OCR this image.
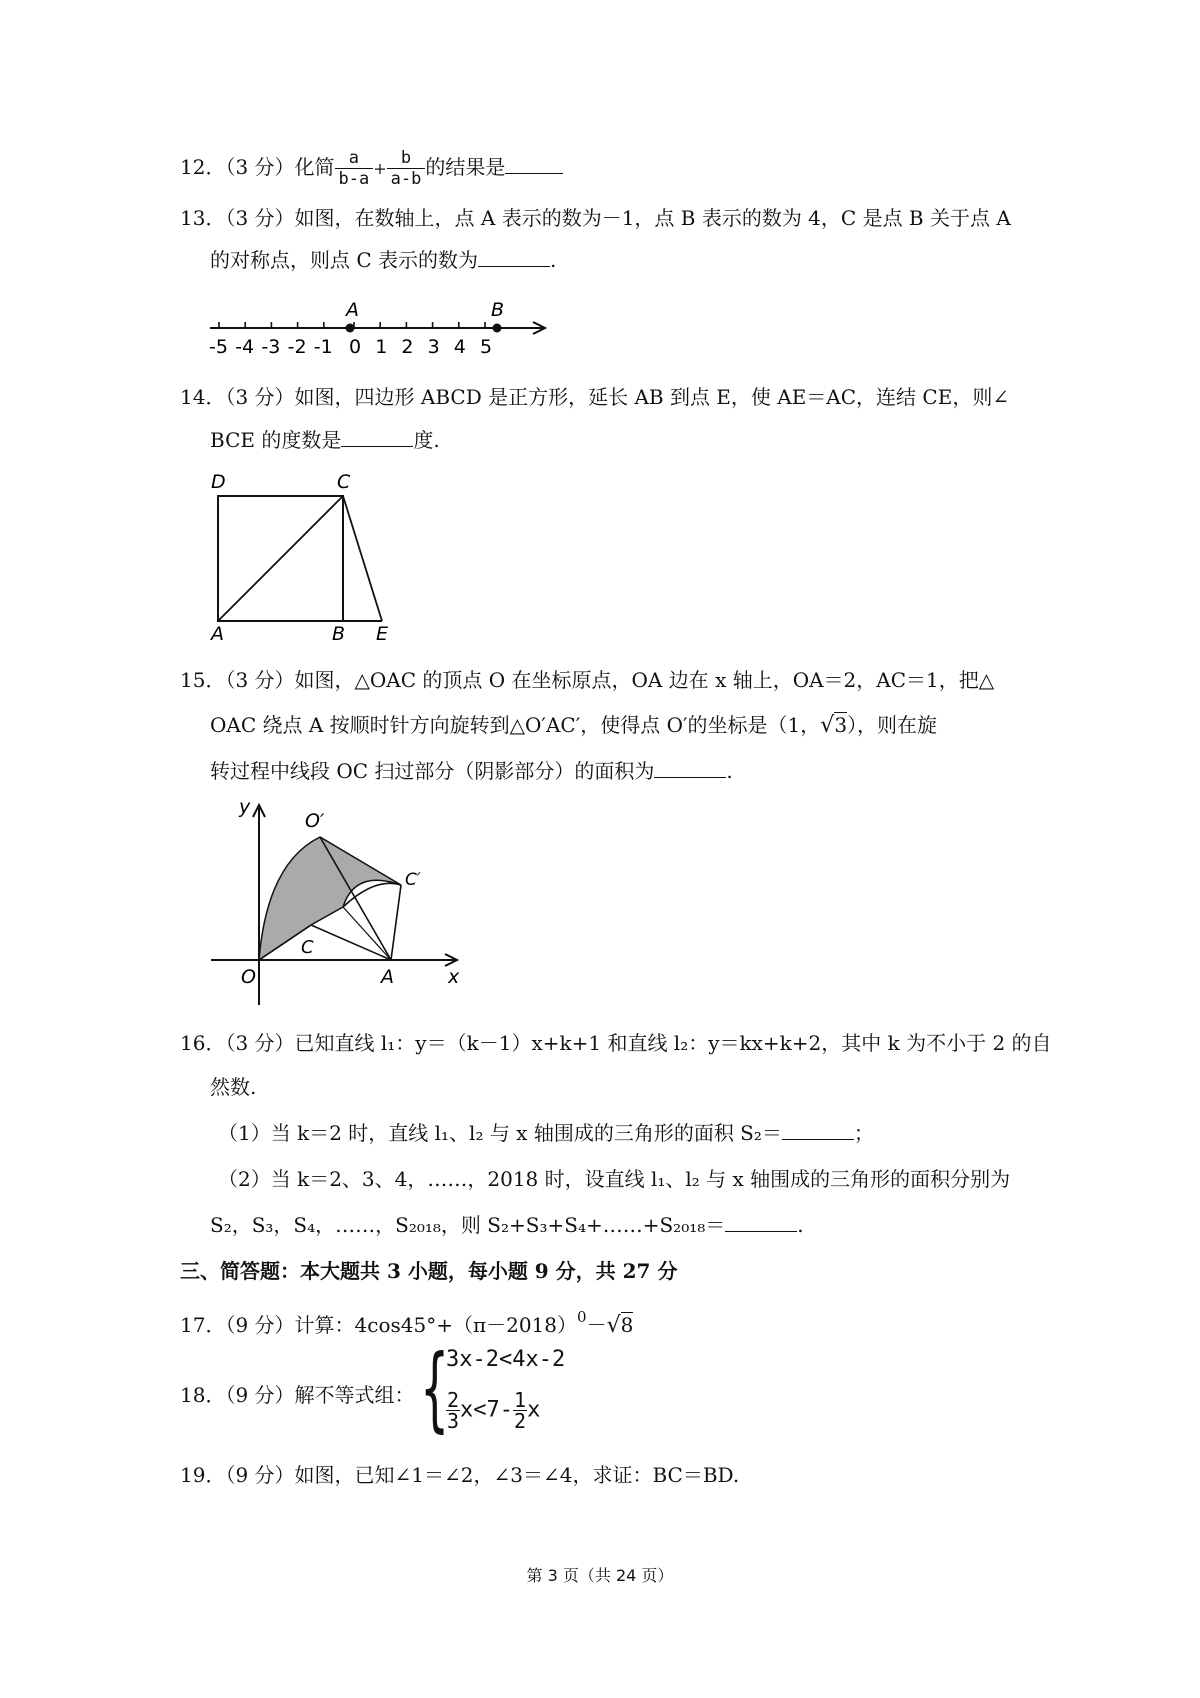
12．（3 分）化简 $\frac{a}{b-a} + \frac{b}{a-b}$ 的结果是
13．（3 分）如图，在数轴上，点 A 表示的数为－1，点 B 表示的数为 4，C 是点 B 关于点 A
的对称点，则点 C 表示的数为	.
-5 -4 -3 -2 -1 0 1 2 3 4 5
A	B
14．（3 分）如图，四边形 ABCD 是正方形，延长 AB 到点 E，使 AE＝AC，连结 CE，则∠
BCE 的度数是	度.
D	C
A	B E
15．（3 分）如图，△OAC 的顶点 O 在坐标原点，OA 边在 x 轴上，OA＝2，AC＝1，把△
OAC 绕点 A 按顺时针方向旋转到△O′AC′，使得点 O′的坐标是（1，√3），则在旋
转过程中线段 OC 扫过部分（阴影部分）的面积为	.
y
O′
C′
C
O	A	x
16．（3 分）已知直线 l₁：y＝（k－1）x+k+1 和直线 l₂：y＝kx+k+2，其中 k 为不小于 2 的自
然数.
（1）当 k＝2 时，直线 l₁、l₂ 与 x 轴围成的三角形的面积 S₂＝	；
（2）当 k＝2、3、4，……，2018 时，设直线 l₁、l₂ 与 x 轴围成的三角形的面积分别为
S₂，S₃，S₄，……，S₂₀₁₈，则 S₂+S₃+S₄+……+S₂₀₁₈＝	.
三、简答题：本大题共 3 小题，每小题 9 分，共 27 分
17．（9 分）计算：$4\cos 45^\circ+(\pi-2018)^0-√8$
18．（9 分）解不等式组： {
3x-2<4x-2
$\frac{2}{3} x<7- \frac{1}{2}$ x
19．（9 分）如图，已知∠1＝∠2，∠3＝∠4，求证：BC＝BD.
第 3 页（共 24 页）
